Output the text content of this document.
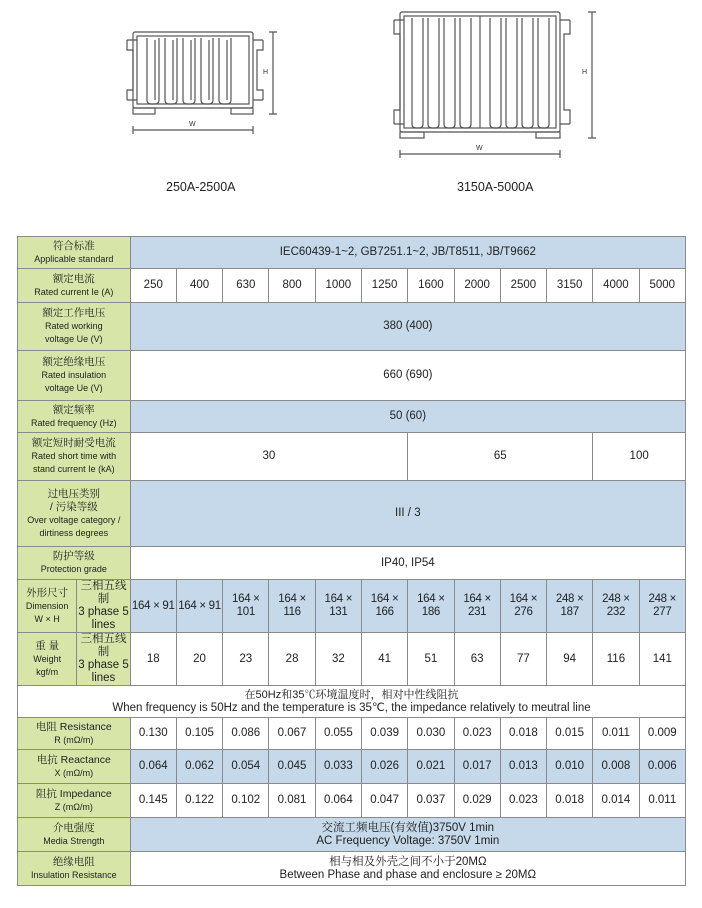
H
W
250A-2500A
H
W
3150A-5000A
符合标准
Applicable standard		IEC60439-1~2, GB7251.1~2, JB/T8511, JB/T9662											

额定电流
Rated current Ie (A)		250	400	630	800	1000	1250	1600	2000	2500	3150	4000	5000

额定工作电压
Rated working
voltage Ue (V)		380 (400)											

额定绝缘电压
Rated insulation
voltage Ue (V)		660 (690)											

额定频率
Rated frequency (Hz)		50 (60)											

额定短时耐受电流
Rated short time with
stand current Ie (kA)		30						65				100	

过电压类别
/ 污染等级
Over voltage category /
dirtiness degrees		III / 3											

防护等级
Protection grade		IP40, IP54											

外形尺寸
Dimension
W × H	三相五线制
3 phase 5 lines	164 × 91	164 × 91	164 × 101	164 × 116	164 × 131	164 × 166	164 × 186	164 × 231	164 × 276	248 × 187	248 × 232	248 × 277

重 量
Weight
kgf/m	三相五线制
3 phase 5 lines	18	20	23	28	32	41	51	63	77	94	116	141

在50Hz和35℃环境温度时，相对中性线阻抗
When frequency is 50Hz and the temperature is 35℃, the impedance relatively to meutral line													

电阻 Resistance
R (mΩ/m)		0.130	0.105	0.086	0.067	0.055	0.039	0.030	0.023	0.018	0.015	0.011	0.009

电抗 Reactance
X (mΩ/m)		0.064	0.062	0.054	0.045	0.033	0.026	0.021	0.017	0.013	0.010	0.008	0.006

阻抗 Impedance
Z (mΩ/m)		0.145	0.122	0.102	0.081	0.064	0.047	0.037	0.029	0.023	0.018	0.014	0.011

介电强度
Media Strength		交流工频电压(有效值)3750V 1min
AC Frequency Voltage: 3750V 1min											

绝缘电阻
Insulation Resistance		相与相及外壳之间不小于20MΩ
Between Phase and phase and enclosure ≥ 20MΩ											
